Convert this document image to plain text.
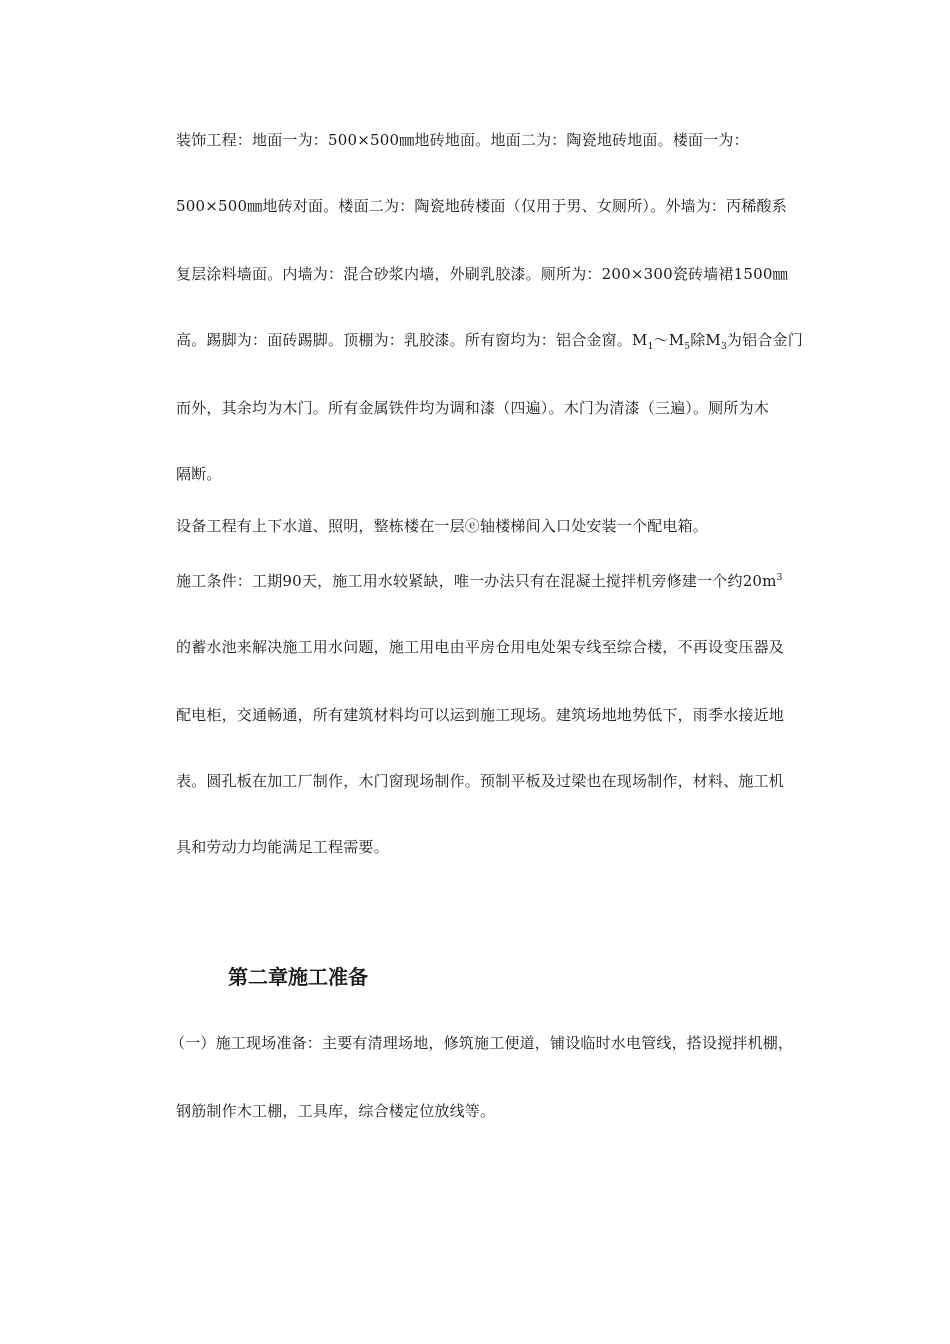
装饰工程：地面一为：500×500㎜地砖地面。地面二为：陶瓷地砖地面。楼面一为：
500×500㎜地砖对面。楼面二为：陶瓷地砖楼面（仅用于男、女厕所）。外墙为：丙稀酸系
复层涂料墙面。内墙为：混合砂浆内墙，外刷乳胶漆。厕所为：200×300瓷砖墙裙1500㎜
高。踢脚为：面砖踢脚。顶棚为：乳胶漆。所有窗均为：铝合金窗。$M_1\sim M_5$除$M_3$为铝合金门
而外，其余均为木门。所有金属铁件均为调和漆（四遍）。木门为清漆（三遍）。厕所为木
隔断。
设备工程有上下水道、照明，整栋楼在一层ⓔ轴楼梯间入口处安装一个配电箱。
施工条件：工期90天，施工用水较紧缺，唯一办法只有在混凝土搅拌机旁修建一个约$20m^3$
的蓄水池来解决施工用水问题，施工用电由平房仓用电处架专线至综合楼，不再设变压器及
配电柜，交通畅通，所有建筑材料均可以运到施工现场。建筑场地地势低下，雨季水接近地
表。圆孔板在加工厂制作，木门窗现场制作。预制平板及过梁也在现场制作，材料、施工机
具和劳动力均能满足工程需要。
第二章施工准备
（一）施工现场准备：主要有清理场地，修筑施工便道，铺设临时水电管线，搭设搅拌机棚，
钢筋制作木工棚，工具库，综合楼定位放线等。
